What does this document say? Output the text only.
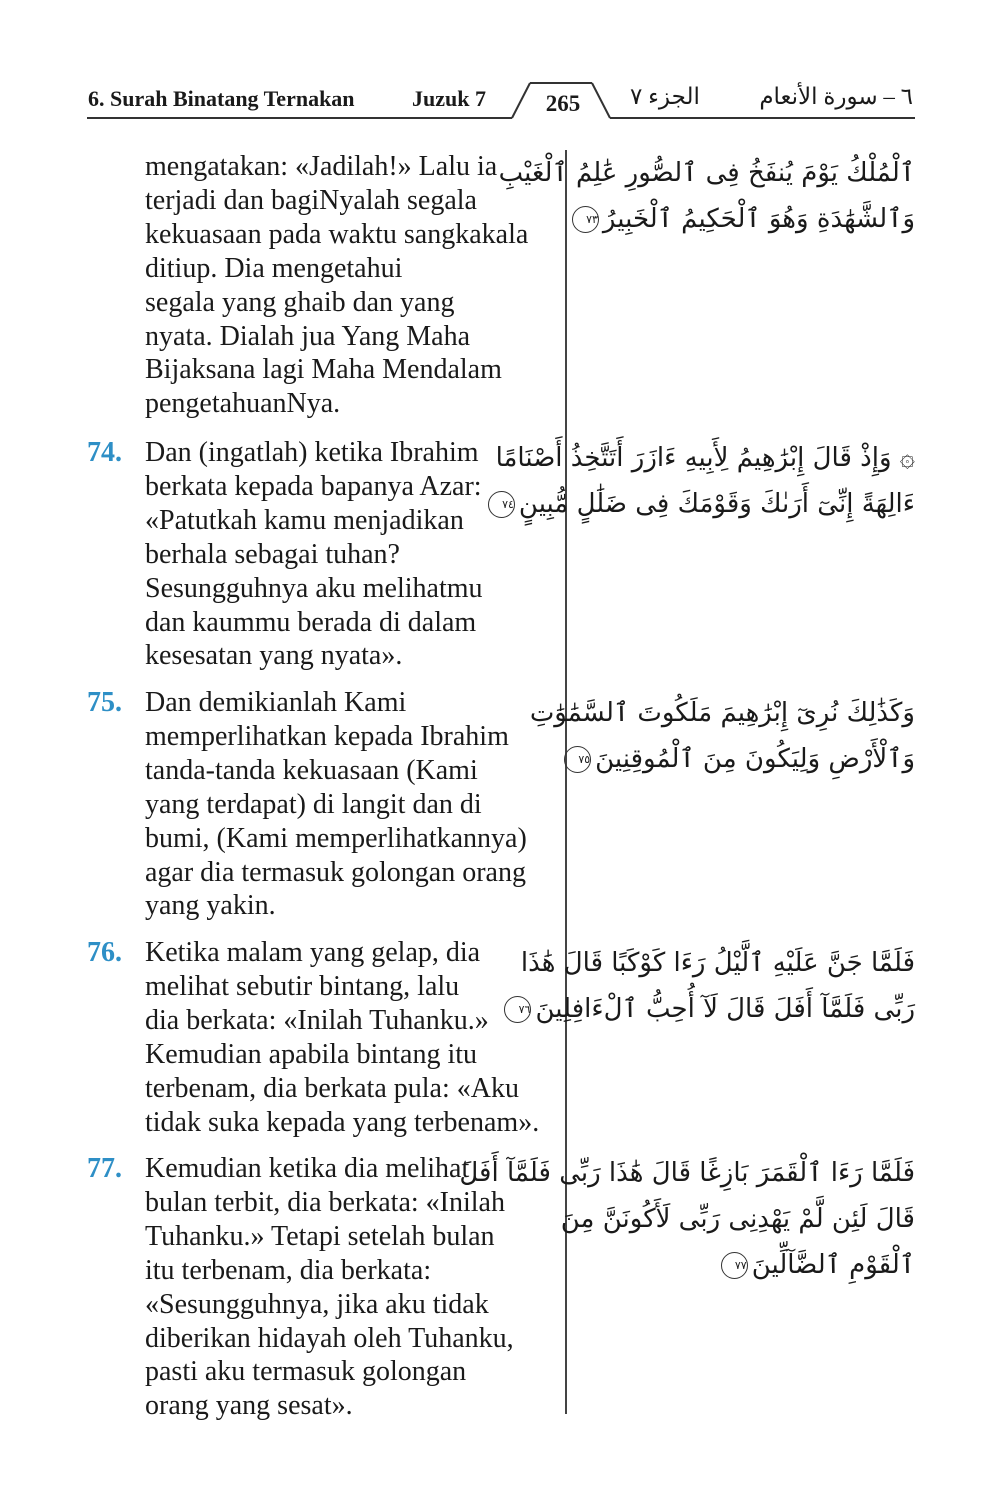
6. Surah Binatang Ternakan	Juzuk 7	265	الجزء ٧	٦ – سورة الأنعام
mengatakan: «Jadilah!» Lalu ia
terjadi dan bagiNyalah segala
kekuasaan pada waktu sangkakala
ditiup. Dia mengetahui
segala yang ghaib dan yang
nyata. Dialah jua Yang Maha
Bijaksana lagi Maha Mendalam
pengetahuanNya.
ٱلْمُلْكُ يَوْمَ يُنفَخُ فِى ٱلصُّورِ عَٰلِمُ ٱلْغَيْبِ
وَٱلشَّهَٰدَةِ وَهُوَ ٱلْحَكِيمُ ٱلْخَبِيرُ٧٣
74. Dan (ingatlah) ketika Ibrahim
berkata kepada bapanya Azar:
«Patutkah kamu menjadikan
berhala sebagai tuhan?
Sesungguhnya aku melihatmu
dan kaummu berada di dalam
kesesatan yang nyata».
۞ وَإِذْ قَالَ إِبْرَٰهِيمُ لِأَبِيهِ ءَازَرَ أَتَتَّخِذُ أَصْنَامًا
ءَالِهَةً إِنِّىٓ أَرَىٰكَ وَقَوْمَكَ فِى ضَلَٰلٍ مُّبِينٍ٧٤
75. Dan demikianlah Kami
memperlihatkan kepada Ibrahim
tanda-tanda kekuasaan (Kami
yang terdapat) di langit dan di
bumi, (Kami memperlihatkannya)
agar dia termasuk golongan orang
yang yakin.
وَكَذَٰلِكَ نُرِىٓ إِبْرَٰهِيمَ مَلَكُوتَ ٱلسَّمَٰوَٰتِ
وَٱلْأَرْضِ وَلِيَكُونَ مِنَ ٱلْمُوقِنِينَ٧٥
76. Ketika malam yang gelap, dia
melihat sebutir bintang, lalu
dia berkata: «Inilah Tuhanku.»
Kemudian apabila bintang itu
terbenam, dia berkata pula: «Aku
tidak suka kepada yang terbenam».
فَلَمَّا جَنَّ عَلَيْهِ ٱلَّيْلُ رَءَا كَوْكَبًا قَالَ هَٰذَا
رَبِّى فَلَمَّآ أَفَلَ قَالَ لَآ أُحِبُّ ٱلْءَافِلِينَ٧٦
77. Kemudian ketika dia melihat
bulan terbit, dia berkata: «Inilah
Tuhanku.» Tetapi setelah bulan
itu terbenam, dia berkata:
«Sesungguhnya, jika aku tidak
diberikan hidayah oleh Tuhanku,
pasti aku termasuk golongan
orang yang sesat».
فَلَمَّا رَءَا ٱلْقَمَرَ بَازِغًا قَالَ هَٰذَا رَبِّى فَلَمَّآ أَفَلَ
قَالَ لَئِن لَّمْ يَهْدِنِى رَبِّى لَأَكُونَنَّ مِنَ
ٱلْقَوْمِ ٱلضَّآلِّينَ٧٧
